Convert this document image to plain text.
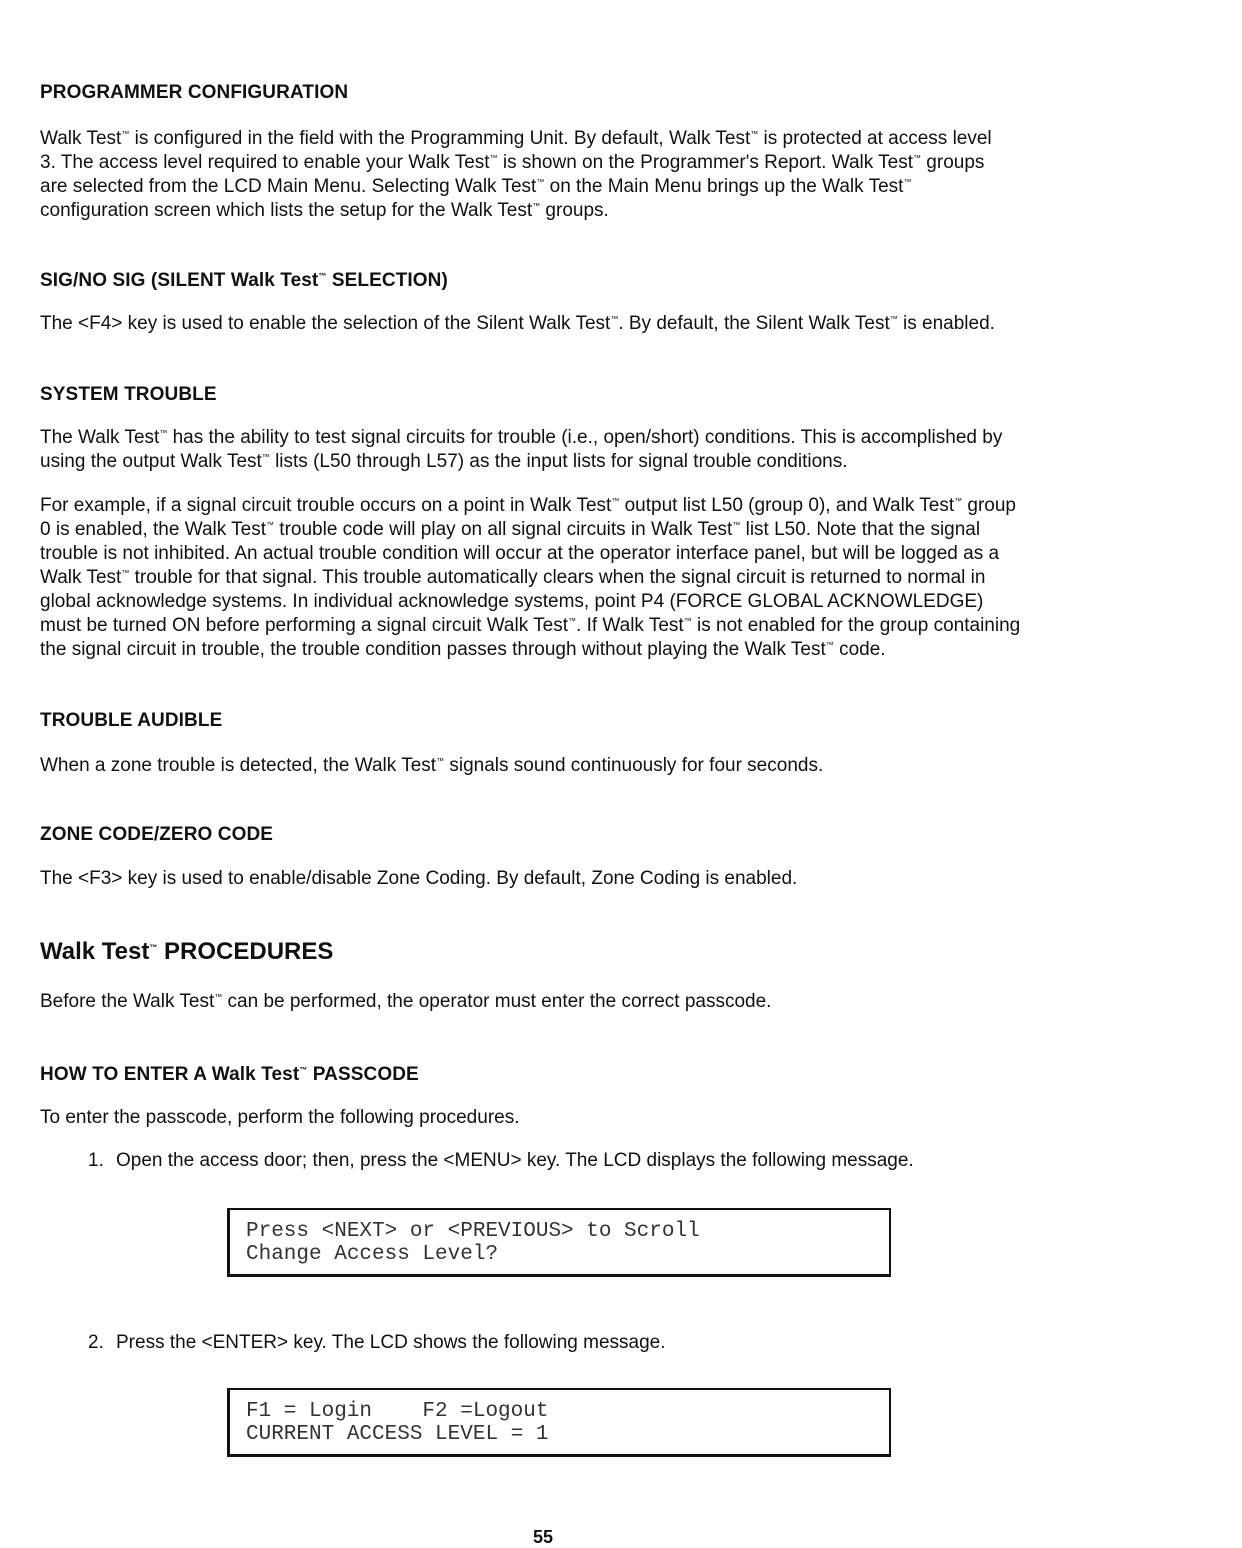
PROGRAMMER CONFIGURATION
Walk Test™ is configured in the field with the Programming Unit. By default, Walk Test™ is protected at access level
3. The access level required to enable your Walk Test™ is shown on the Programmer's Report. Walk Test™ groups
are selected from the LCD Main Menu. Selecting Walk Test™ on the Main Menu brings up the Walk Test™
configuration screen which lists the setup for the Walk Test™ groups.
SIG/NO SIG (SILENT Walk Test™ SELECTION)
The <F4> key is used to enable the selection of the Silent Walk Test™. By default, the Silent Walk Test™ is enabled.
SYSTEM TROUBLE
The Walk Test™ has the ability to test signal circuits for trouble (i.e., open/short) conditions. This is accomplished by
using the output Walk Test™ lists (L50 through L57) as the input lists for signal trouble conditions.
For example, if a signal circuit trouble occurs on a point in Walk Test™ output list L50 (group 0), and Walk Test™ group
0 is enabled, the Walk Test™ trouble code will play on all signal circuits in Walk Test™ list L50. Note that the signal
trouble is not inhibited. An actual trouble condition will occur at the operator interface panel, but will be logged as a
Walk Test™ trouble for that signal. This trouble automatically clears when the signal circuit is returned to normal in
global acknowledge systems. In individual acknowledge systems, point P4 (FORCE GLOBAL ACKNOWLEDGE)
must be turned ON before performing a signal circuit Walk Test™. If Walk Test™ is not enabled for the group containing
the signal circuit in trouble, the trouble condition passes through without playing the Walk Test™ code.
TROUBLE AUDIBLE
When a zone trouble is detected, the Walk Test™ signals sound continuously for four seconds.
ZONE CODE/ZERO CODE
The <F3> key is used to enable/disable Zone Coding. By default, Zone Coding is enabled.
Walk Test™ PROCEDURES
Before the Walk Test™ can be performed, the operator must enter the correct passcode.
HOW TO ENTER A Walk Test™ PASSCODE
To enter the passcode, perform the following procedures.
1. Open the access door; then, press the <MENU> key. The LCD displays the following message.
Press <NEXT> or <PREVIOUS> to Scroll
Change Access Level?
2. Press the <ENTER> key. The LCD shows the following message.
F1 = Login    F2 =Logout
CURRENT ACCESS LEVEL = 1
55
